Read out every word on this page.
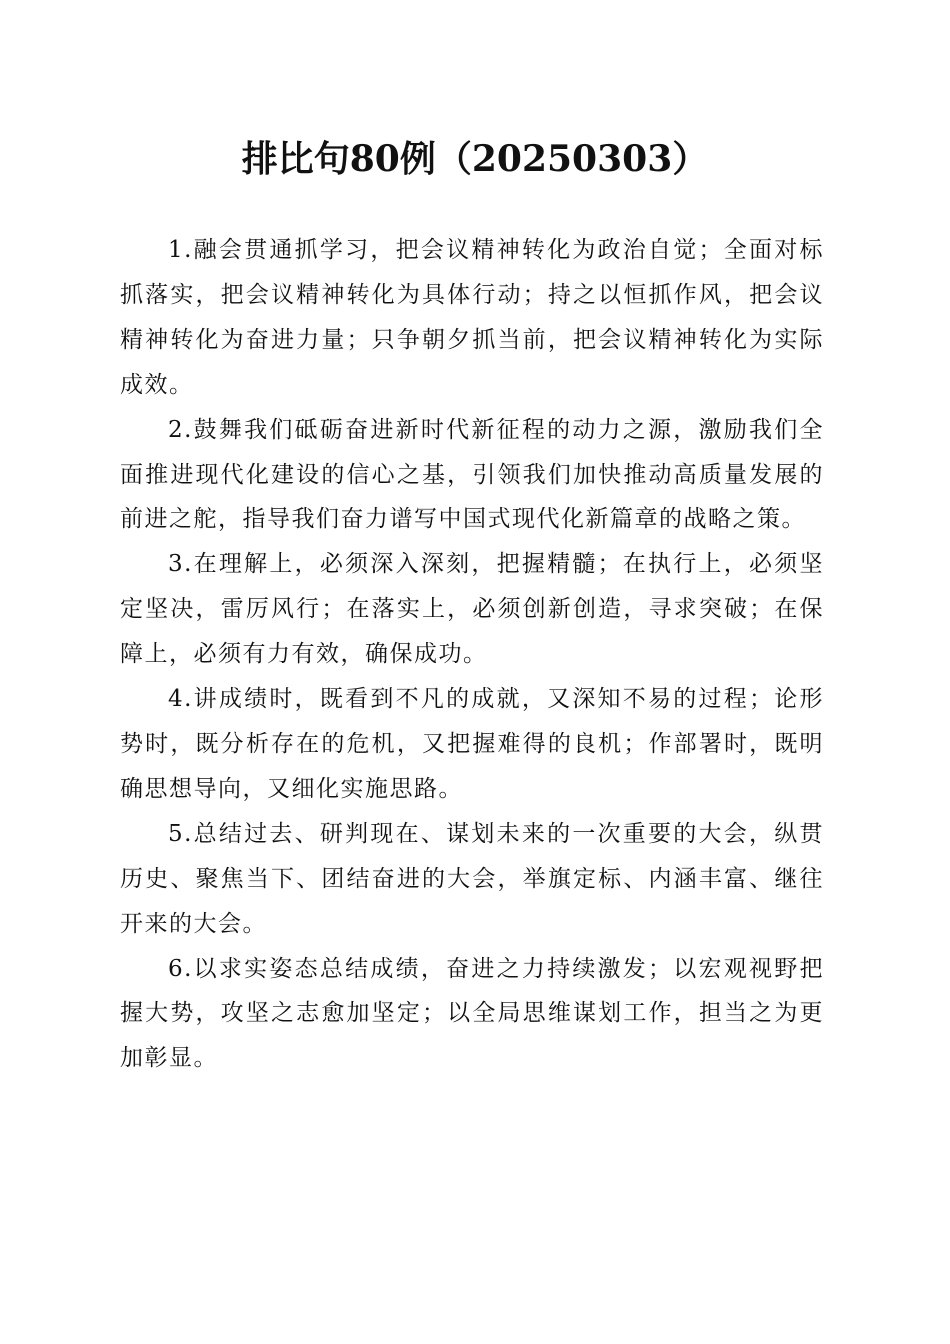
排比句80例（20250303）

1.融会贯通抓学习，把会议精神转化为政治自觉；全面对标抓落实，把会议精神转化为具体行动；持之以恒抓作风，把会议精神转化为奋进力量；只争朝夕抓当前，把会议精神转化为实际成效。

2.鼓舞我们砥砺奋进新时代新征程的动力之源，激励我们全面推进现代化建设的信心之基，引领我们加快推动高质量发展的前进之舵，指导我们奋力谱写中国式现代化新篇章的战略之策。

3.在理解上，必须深入深刻，把握精髓；在执行上，必须坚定坚决，雷厉风行；在落实上，必须创新创造，寻求突破；在保障上，必须有力有效，确保成功。

4.讲成绩时，既看到不凡的成就，又深知不易的过程；论形势时，既分析存在的危机，又把握难得的良机；作部署时，既明确思想导向，又细化实施思路。

5.总结过去、研判现在、谋划未来的一次重要的大会，纵贯历史、聚焦当下、团结奋进的大会，举旗定标、内涵丰富、继往开来的大会。

6.以求实姿态总结成绩，奋进之力持续激发；以宏观视野把握大势，攻坚之志愈加坚定；以全局思维谋划工作，担当之为更加彰显。
